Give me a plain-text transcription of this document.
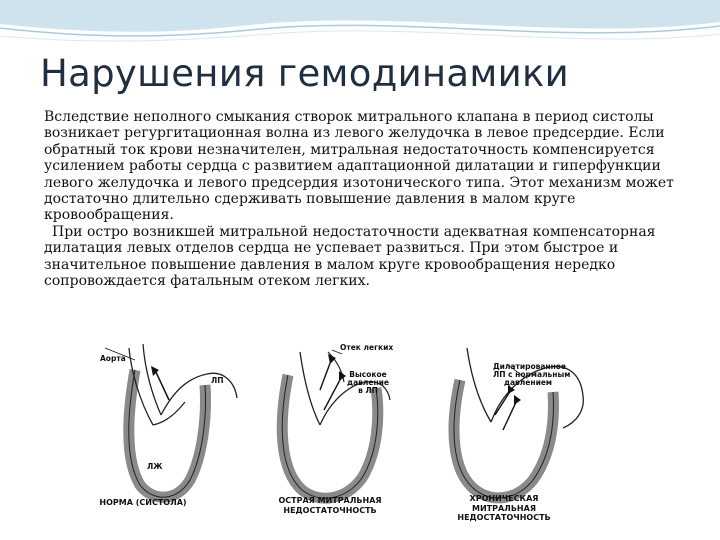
Нарушения гемодинамики

Вследствие неполного смыкания створок митрального клапана в период систолы возникает регургитационная волна из левого желудочка в левое предсердие. Если обратный ток крови незначителен, митральная недостаточность компенсируется усилением работы сердца с развитием адаптационной дилатации и гиперфункции левого желудочка и левого предсердия изотонического типа. Этот механизм может достаточно длительно сдерживать повышение давления в малом круге кровообращения.

При остро возникшей митральной недостаточности адекватная компенсаторная дилатация левых отделов сердца не успевает развиться. При этом быстрое и значительное повышение давления в малом круге кровообращения нередко сопровождается фатальным отеком легких.

Аорта
ЛП
ЛЖ
НОРМА (СИСТОЛА)
Отек легких
Высокое
давление
в ЛП
ОСТРАЯ МИТРАЛЬНАЯ
НЕДОСТАТОЧНОСТЬ
Дилатированное
ЛП с нормальным
давлением
ХРОНИЧЕСКАЯ
МИТРАЛЬНАЯ
НЕДОСТАТОЧНОСТЬ
